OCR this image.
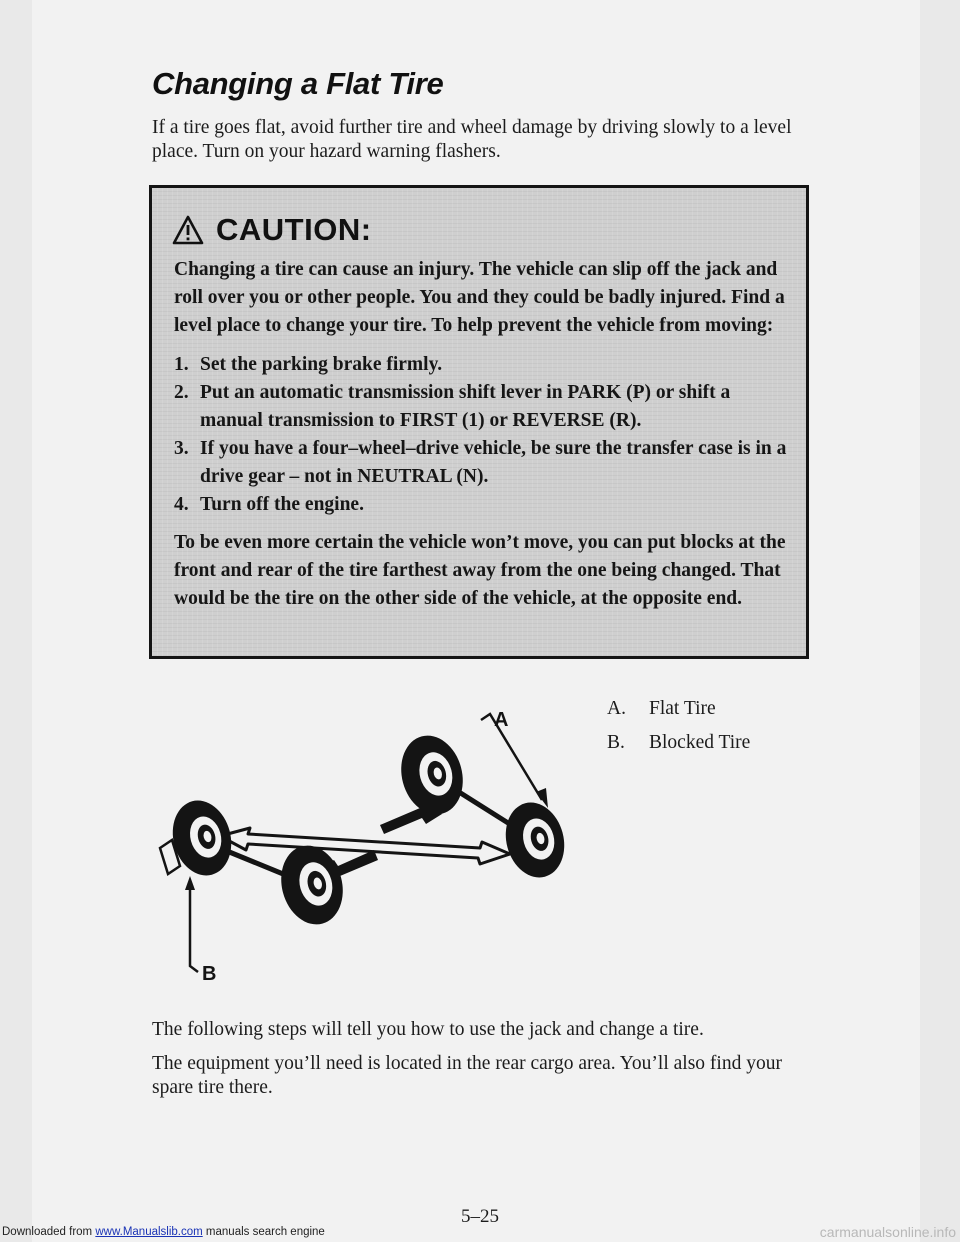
Changing a Flat Tire

If a tire goes flat, avoid further tire and wheel damage by driving slowly to a level place. Turn on your hazard warning flashers.

CAUTION:

Changing a tire can cause an injury. The vehicle can slip off the jack and roll over you or other people. You and they could be badly injured. Find a level place to change your tire. To help prevent the vehicle from moving:

1. Set the parking brake firmly.
2. Put an automatic transmission shift lever in PARK (P) or shift a manual transmission to FIRST (1) or REVERSE (R).
3. If you have a four–wheel–drive vehicle, be sure the transfer case is in a drive gear – not in NEUTRAL (N).
4. Turn off the engine.

To be even more certain the vehicle won’t move, you can put blocks at the front and rear of the tire farthest away from the one being changed. That would be the tire on the other side of the vehicle, at the opposite end.

A
B
A.	Flat Tire
B.	Blocked Tire

The following steps will tell you how to use the jack and change a tire.

The equipment you’ll need is located in the rear cargo area. You’ll also find your spare tire there.

5–25
Downloaded from www.Manualslib.com manuals search engine	carmanualsonline.info
